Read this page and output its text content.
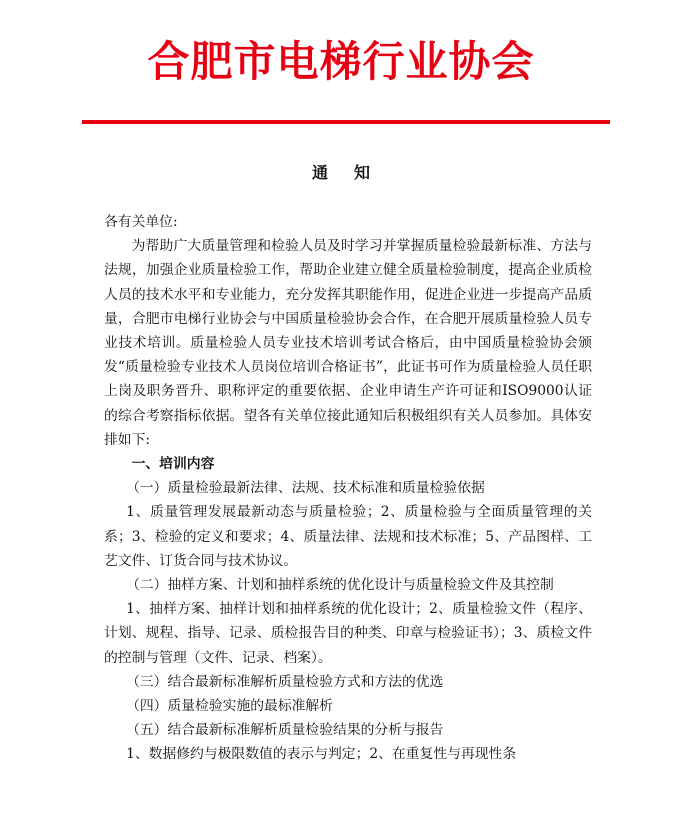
合肥市电梯行业协会
通知

各有关单位:

为帮助广大质量管理和检验人员及时学习并掌握质量检验最新标准、方法与法规，加强企业质量检验工作，帮助企业建立健全质量检验制度，提高企业质检人员的技术水平和专业能力，充分发挥其职能作用，促进企业进一步提高产品质量，合肥市电梯行业协会与中国质量检验协会合作，在合肥开展质量检验人员专业技术培训。质量检验人员专业技术培训考试合格后，由中国质量检验协会颁发“质量检验专业技术人员岗位培训合格证书”，此证书可作为质量检验人员任职上岗及职务晋升、职称评定的重要依据、企业申请生产许可证和ISO9000认证的综合考察指标依据。望各有关单位接此通知后积极组织有关人员参加。具体安排如下:

一、培训内容

（一）质量检验最新法律、法规、技术标准和质量检验依据

1、质量管理发展最新动态与质量检验；2、质量检验与全面质量管理的关系；3、检验的定义和要求；4、质量法律、法规和技术标准；5、产品图样、工艺文件、订货合同与技术协议。

（二）抽样方案、计划和抽样系统的优化设计与质量检验文件及其控制

1、抽样方案、抽样计划和抽样系统的优化设计；2、质量检验文件（程序、计划、规程、指导、记录、质检报告目的种类、印章与检验证书）；3、质检文件的控制与管理（文件、记录、档案）。

（三）结合最新标准解析质量检验方式和方法的优选

（四）质量检验实施的最标准解析

（五）结合最新标准解析质量检验结果的分析与报告

1、数据修约与极限数值的表示与判定；2、在重复性与再现性条
